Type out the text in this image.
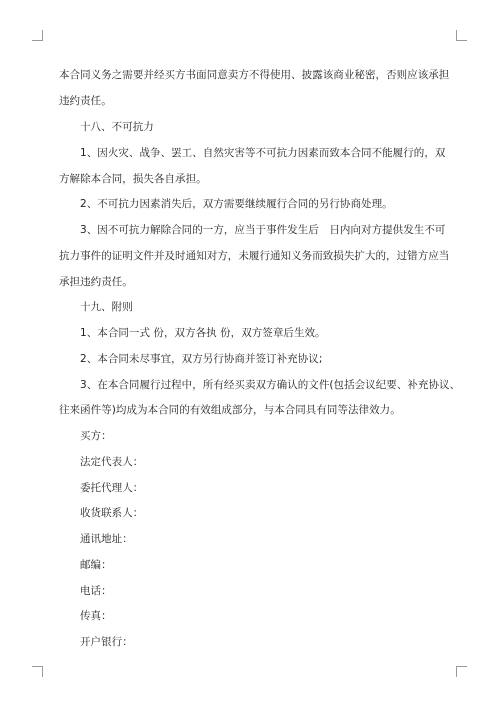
本合同义务之需要并经买方书面同意卖方不得使用、披露该商业秘密，否则应该承担
违约责任。
十八、不可抗力
1、因火灾、战争、罢工、自然灾害等不可抗力因素而致本合同不能履行的，双
方解除本合同，损失各自承担。
2、不可抗力因素消失后，双方需要继续履行合同的另行协商处理。
3、因不可抗力解除合同的一方，应当于事件发生后　日内向对方提供发生不可
抗力事件的证明文件并及时通知对方，未履行通知义务而致损失扩大的，过错方应当
承担违约责任。
十九、附则
1、本合同一式 份，双方各执 份，双方签章后生效。
2、本合同未尽事宜，双方另行协商并签订补充协议;
3、在本合同履行过程中，所有经买卖双方确认的文件(包括会议纪要、补充协议、
往来函件等)均成为本合同的有效组成部分，与本合同具有同等法律效力。
买方：
法定代表人：
委托代理人：
收货联系人：
通讯地址：
邮编：
电话：
传真：
开户银行：
